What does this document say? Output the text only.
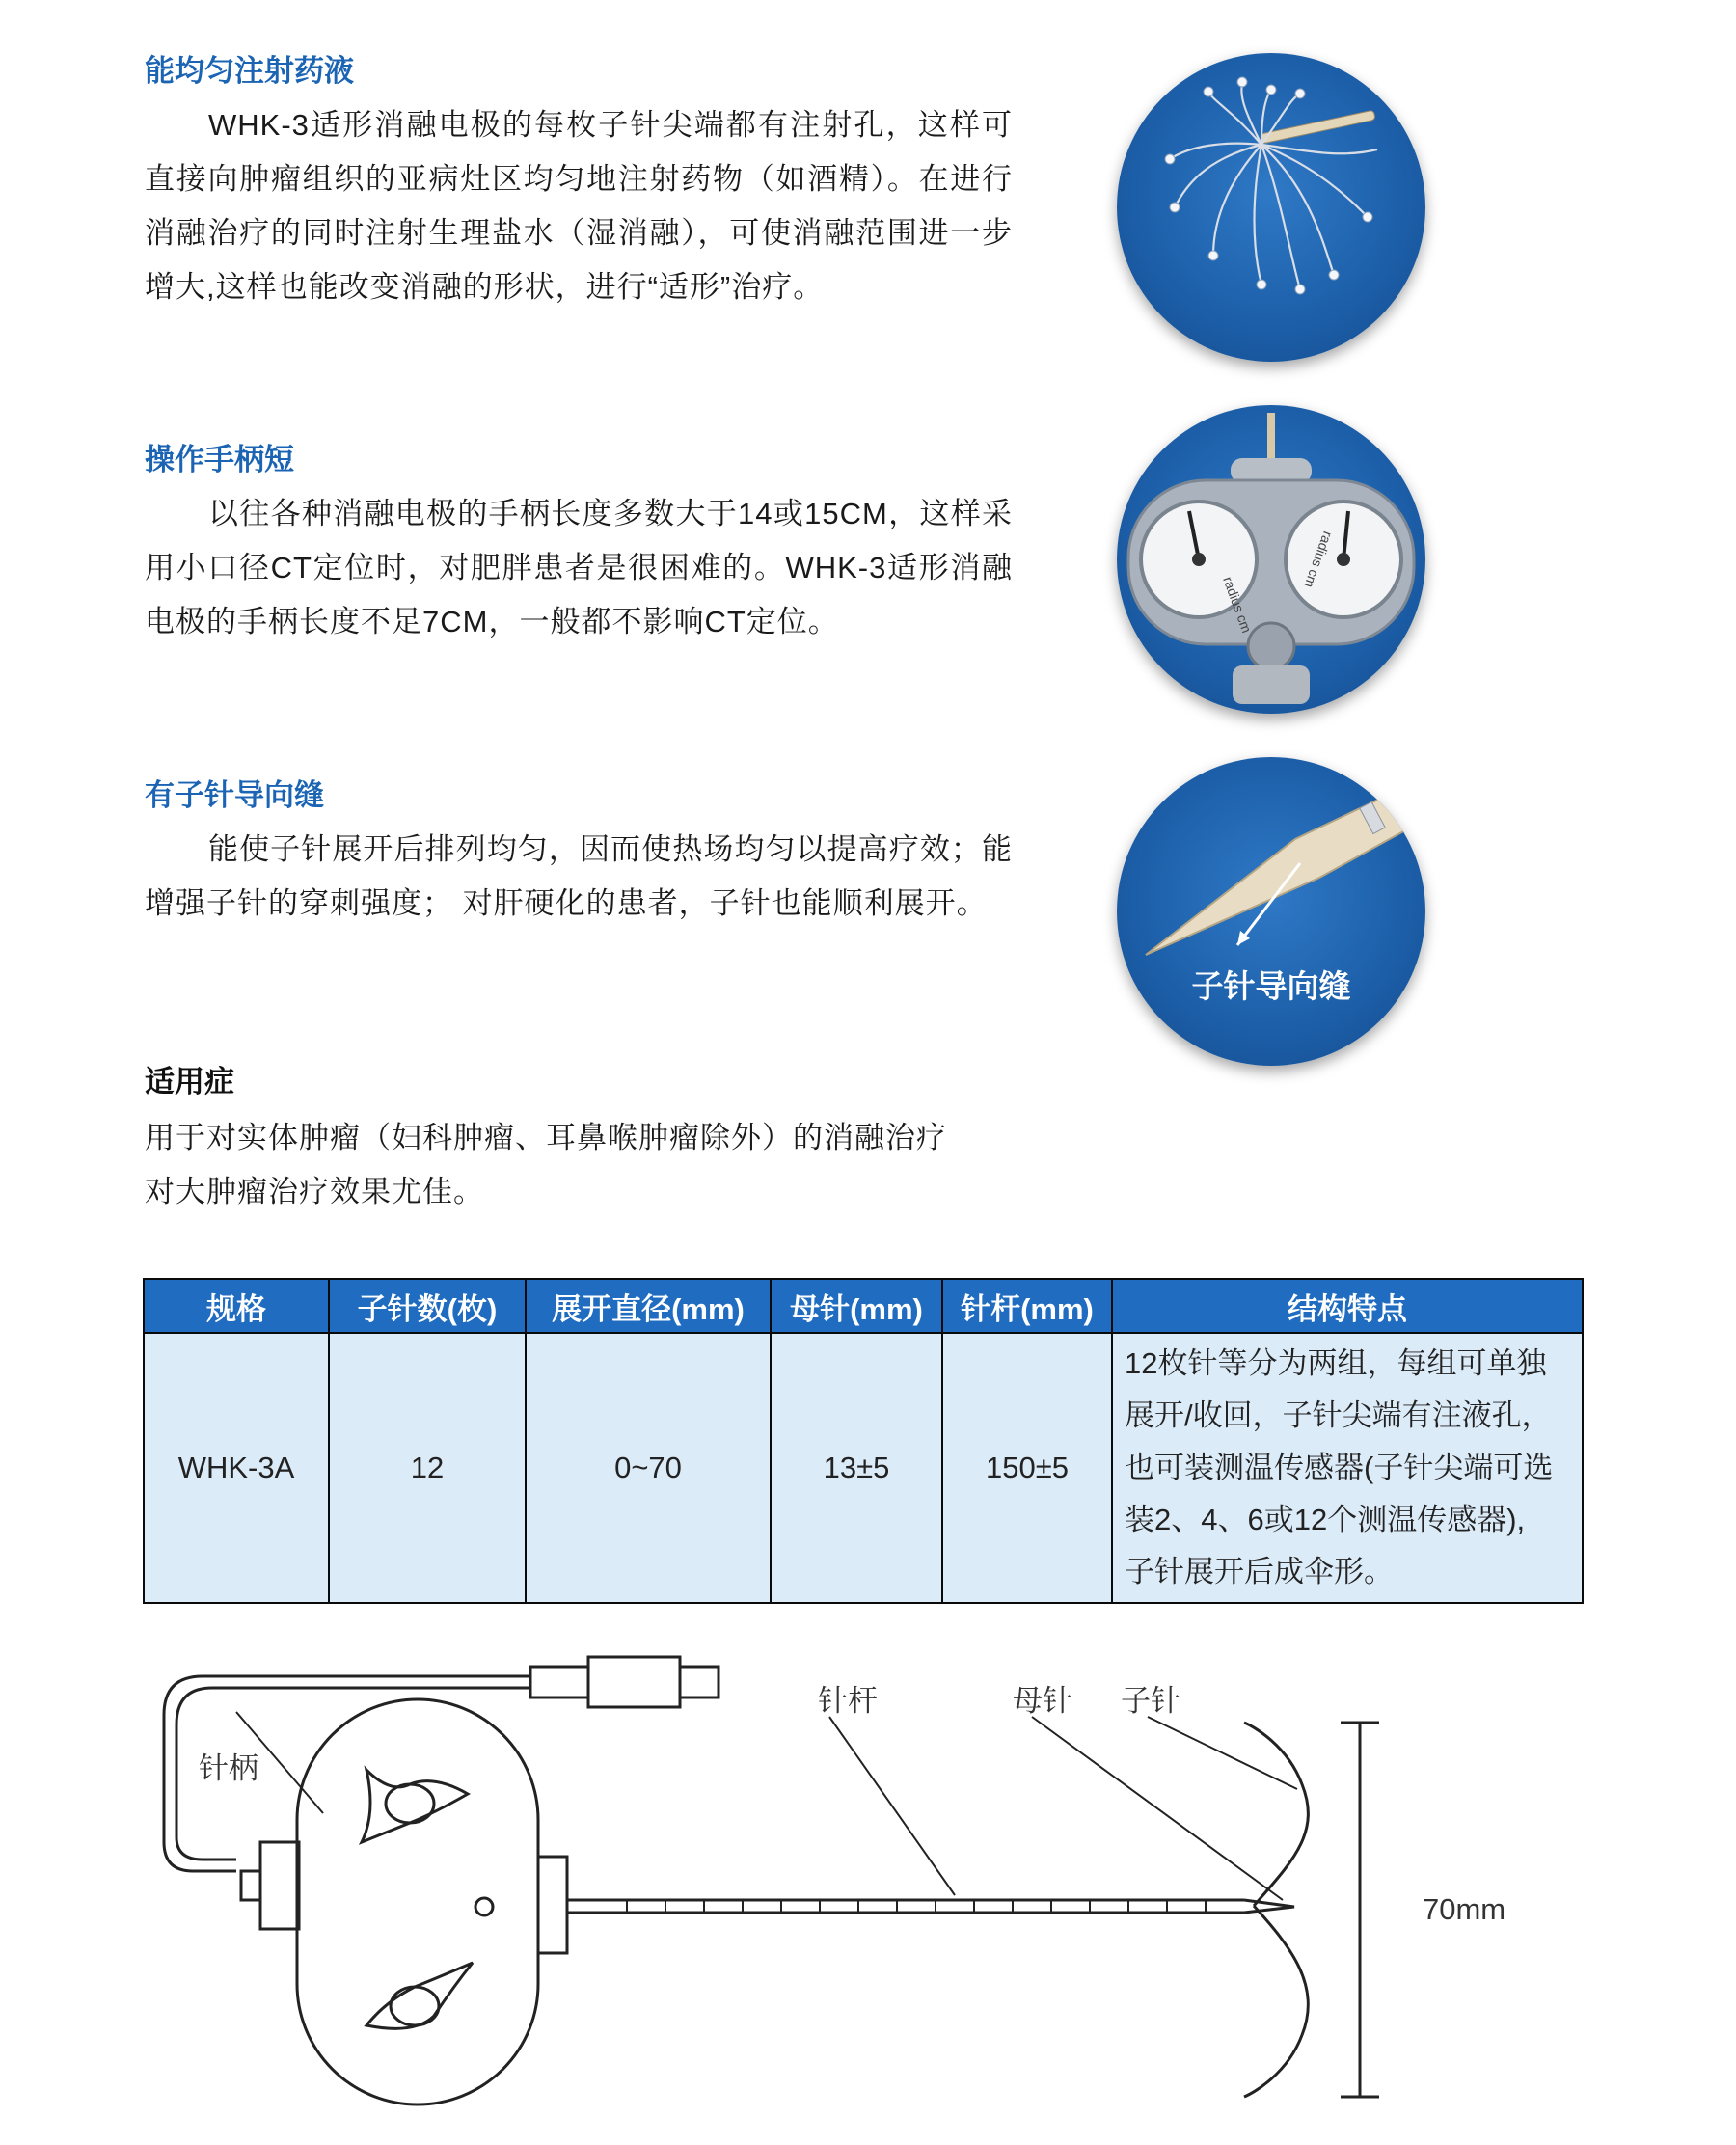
能均匀注射药液

WHK-3适形消融电极的每枚子针尖端都有注射孔，这样可直接向肿瘤组织的亚病灶区均匀地注射药物（如酒精）。在进行消融治疗的同时注射生理盐水（湿消融），可使消融范围进一步增大,这样也能改变消融的形状，进行“适形”治疗。

操作手柄短

以往各种消融电极的手柄长度多数大于14或15CM，这样采用小口径CT定位时，对肥胖患者是很困难的。WHK-3适形消融电极的手柄长度不足7CM，一般都不影响CT定位。

有子针导向缝

能使子针展开后排列均匀，因而使热场均匀以提高疗效；能增强子针的穿刺强度； 对肝硬化的患者，子针也能顺利展开。

适用症

用于对实体肿瘤（妇科肿瘤、耳鼻喉肿瘤除外）的消融治疗
对大肿瘤治疗效果尤佳。

radius cm
radius cm
子针导向缝
规格	子针数(枚)	展开直径(mm)	母针(mm)	针杆(mm)	结构特点
WHK-3A	12	0~70	13±5	150±5	12枚针等分为两组，每组可单独
展开/收回，子针尖端有注液孔，
也可装测温传感器(子针尖端可选
装2、4、6或12个测温传感器),
子针展开后成伞形。
针柄
针杆	母针 子针
70mm
